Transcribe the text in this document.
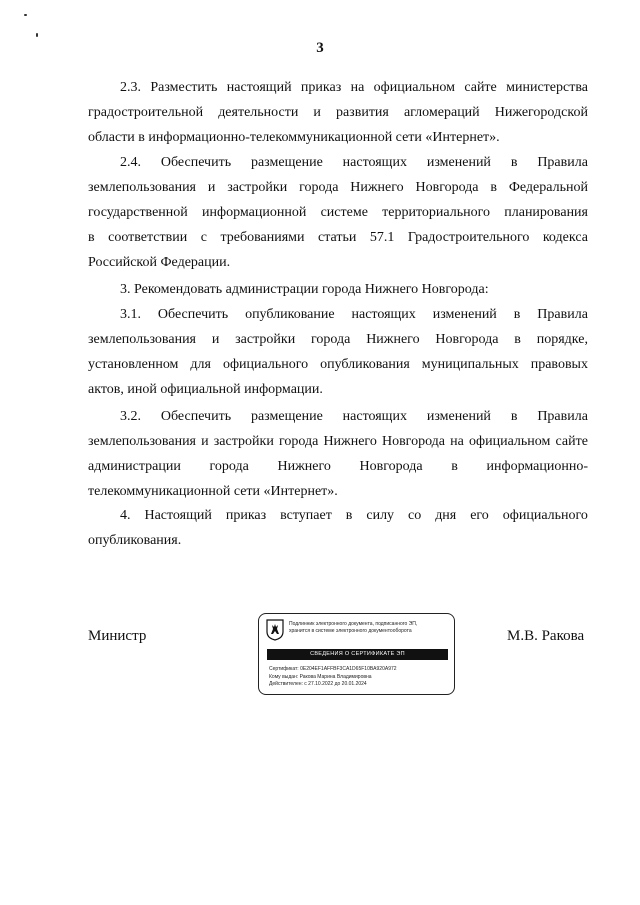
3
2.3. Разместить настоящий приказ на официальном сайте министерства
градостроительной деятельности и развития агломераций Нижегородской
области в информационно-телекоммуникационной сети «Интернет».
2.4. Обеспечить размещение настоящих изменений в Правила
землепользования и застройки города Нижнего Новгорода в Федеральной
государственной информационной системе территориального планирования
в соответствии с требованиями статьи 57.1 Градостроительного кодекса
Российской Федерации.
3. Рекомендовать администрации города Нижнего Новгорода:
3.1. Обеспечить опубликование настоящих изменений в Правила
землепользования и застройки города Нижнего Новгорода в порядке,
установленном для официального опубликования муниципальных правовых
актов, иной официальной информации.
3.2. Обеспечить размещение настоящих изменений в Правила
землепользования и застройки города Нижнего Новгорода на официальном сайте
администрации города Нижнего Новгорода в информационно-
телекоммуникационной сети «Интернет».
4. Настоящий приказ вступает в силу со дня его официального
опубликования.
Министр	М.В. Ракова
Подлинник электронного документа, подписанного ЭП,
хранится в системе электронного документооборота
СВЕДЕНИЯ О СЕРТИФИКАТЕ ЭП
Сертификат: 0E204EF1AFFBF3CA1D65F10BA920A972
Кому выдан: Ракова Марина Владимировна
Действителен: с 27.10.2022 до 20.01.2024
